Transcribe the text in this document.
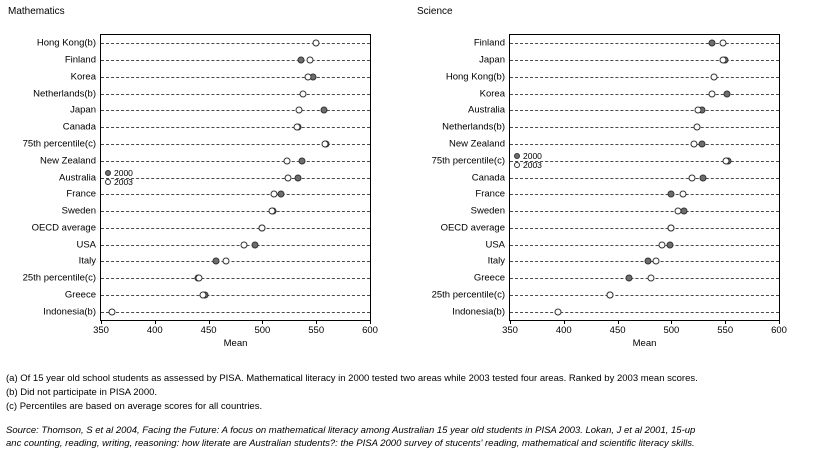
Mathematics
Hong Kong(b)
Finland
Korea
Netherlands(b)
Japan
Canada
75th percentile(c)
New Zealand
Australia
France
Sweden
OECD average
USA
Italy
25th percentile(c)
Greece
Indonesia(b)
350	400	450	500	550	600
Mean
2000
2003
Science
Finland
Japan
Hong Kong(b)
Korea
Australia
Netherlands(b)
New Zealand
75th percentile(c)
Canada
France
Sweden
OECD average
USA
Italy
Greece
25th percentile(c)
Indonesia(b)
350	400	450	500	550	600
Mean
2000
2003
(a) Of 15 year old school students as assessed by PISA. Mathematical literacy in 2000 tested two areas while 2003 tested four areas. Ranked by 2003 mean scores.
(b) Did not participate in PISA 2000.
(c) Percentiles are based on average scores for all countries.
Source: Thomson, S et al 2004, Facing the Future: A focus on mathematical literacy among Australian 15 year old students in PISA 2003. Lokan, J et al 2001, 15-up
anc counting, reading, writing, reasoning: how literate are Australian students?: the PISA 2000 survey of stucents' reading, mathematical and scientific literacy skills.
